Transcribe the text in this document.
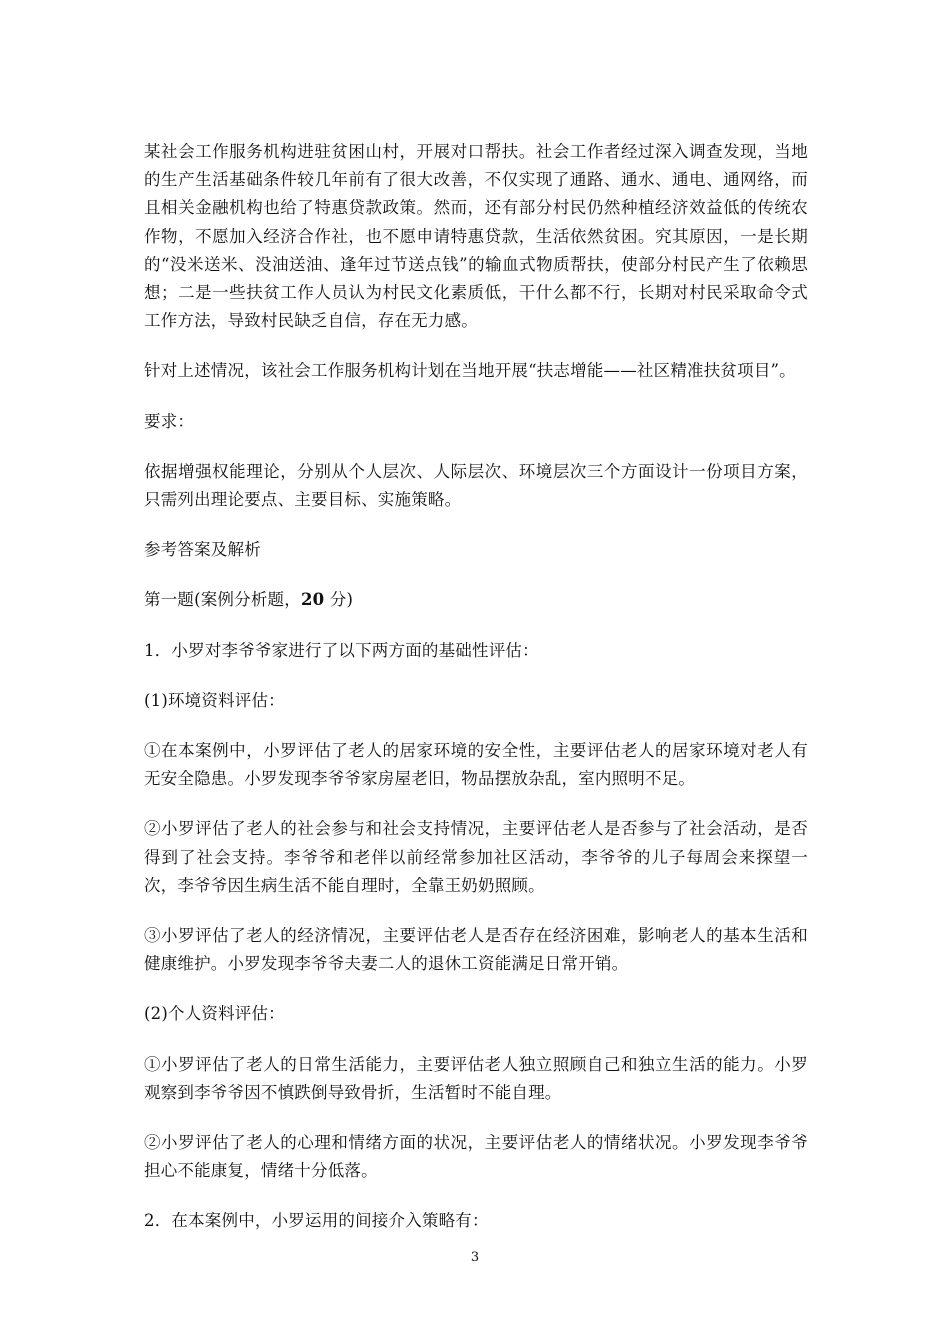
某社会工作服务机构进驻贫困山村，开展对口帮扶。社会工作者经过深入调查发现，当地的生产生活基础条件较几年前有了很大改善，不仅实现了通路、通水、通电、通网络，而且相关金融机构也给了特惠贷款政策。然而，还有部分村民仍然种植经济效益低的传统农作物，不愿加入经济合作社，也不愿申请特惠贷款，生活依然贫困。究其原因，一是长期的“没米送米、没油送油、逢年过节送点钱”的输血式物质帮扶，使部分村民产生了依赖思想；二是一些扶贫工作人员认为村民文化素质低，干什么都不行，长期对村民采取命令式工作方法，导致村民缺乏自信，存在无力感。

针对上述情况，该社会工作服务机构计划在当地开展“扶志增能——社区精准扶贫项目”。

要求：

依据增强权能理论，分别从个人层次、人际层次、环境层次三个方面设计一份项目方案，只需列出理论要点、主要目标、实施策略。

参考答案及解析

第一题(案例分析题，20 分)

1．小罗对李爷爷家进行了以下两方面的基础性评估：

(1)环境资料评估：

①在本案例中，小罗评估了老人的居家环境的安全性，主要评估老人的居家环境对老人有无安全隐患。小罗发现李爷爷家房屋老旧，物品摆放杂乱，室内照明不足。

②小罗评估了老人的社会参与和社会支持情况，主要评估老人是否参与了社会活动，是否得到了社会支持。李爷爷和老伴以前经常参加社区活动，李爷爷的儿子每周会来探望一次，李爷爷因生病生活不能自理时，全靠王奶奶照顾。

③小罗评估了老人的经济情况，主要评估老人是否存在经济困难，影响老人的基本生活和健康维护。小罗发现李爷爷夫妻二人的退休工资能满足日常开销。

(2)个人资料评估：

①小罗评估了老人的日常生活能力，主要评估老人独立照顾自己和独立生活的能力。小罗观察到李爷爷因不慎跌倒导致骨折，生活暂时不能自理。

②小罗评估了老人的心理和情绪方面的状况，主要评估老人的情绪状况。小罗发现李爷爷担心不能康复，情绪十分低落。

2．在本案例中，小罗运用的间接介入策略有：

3
